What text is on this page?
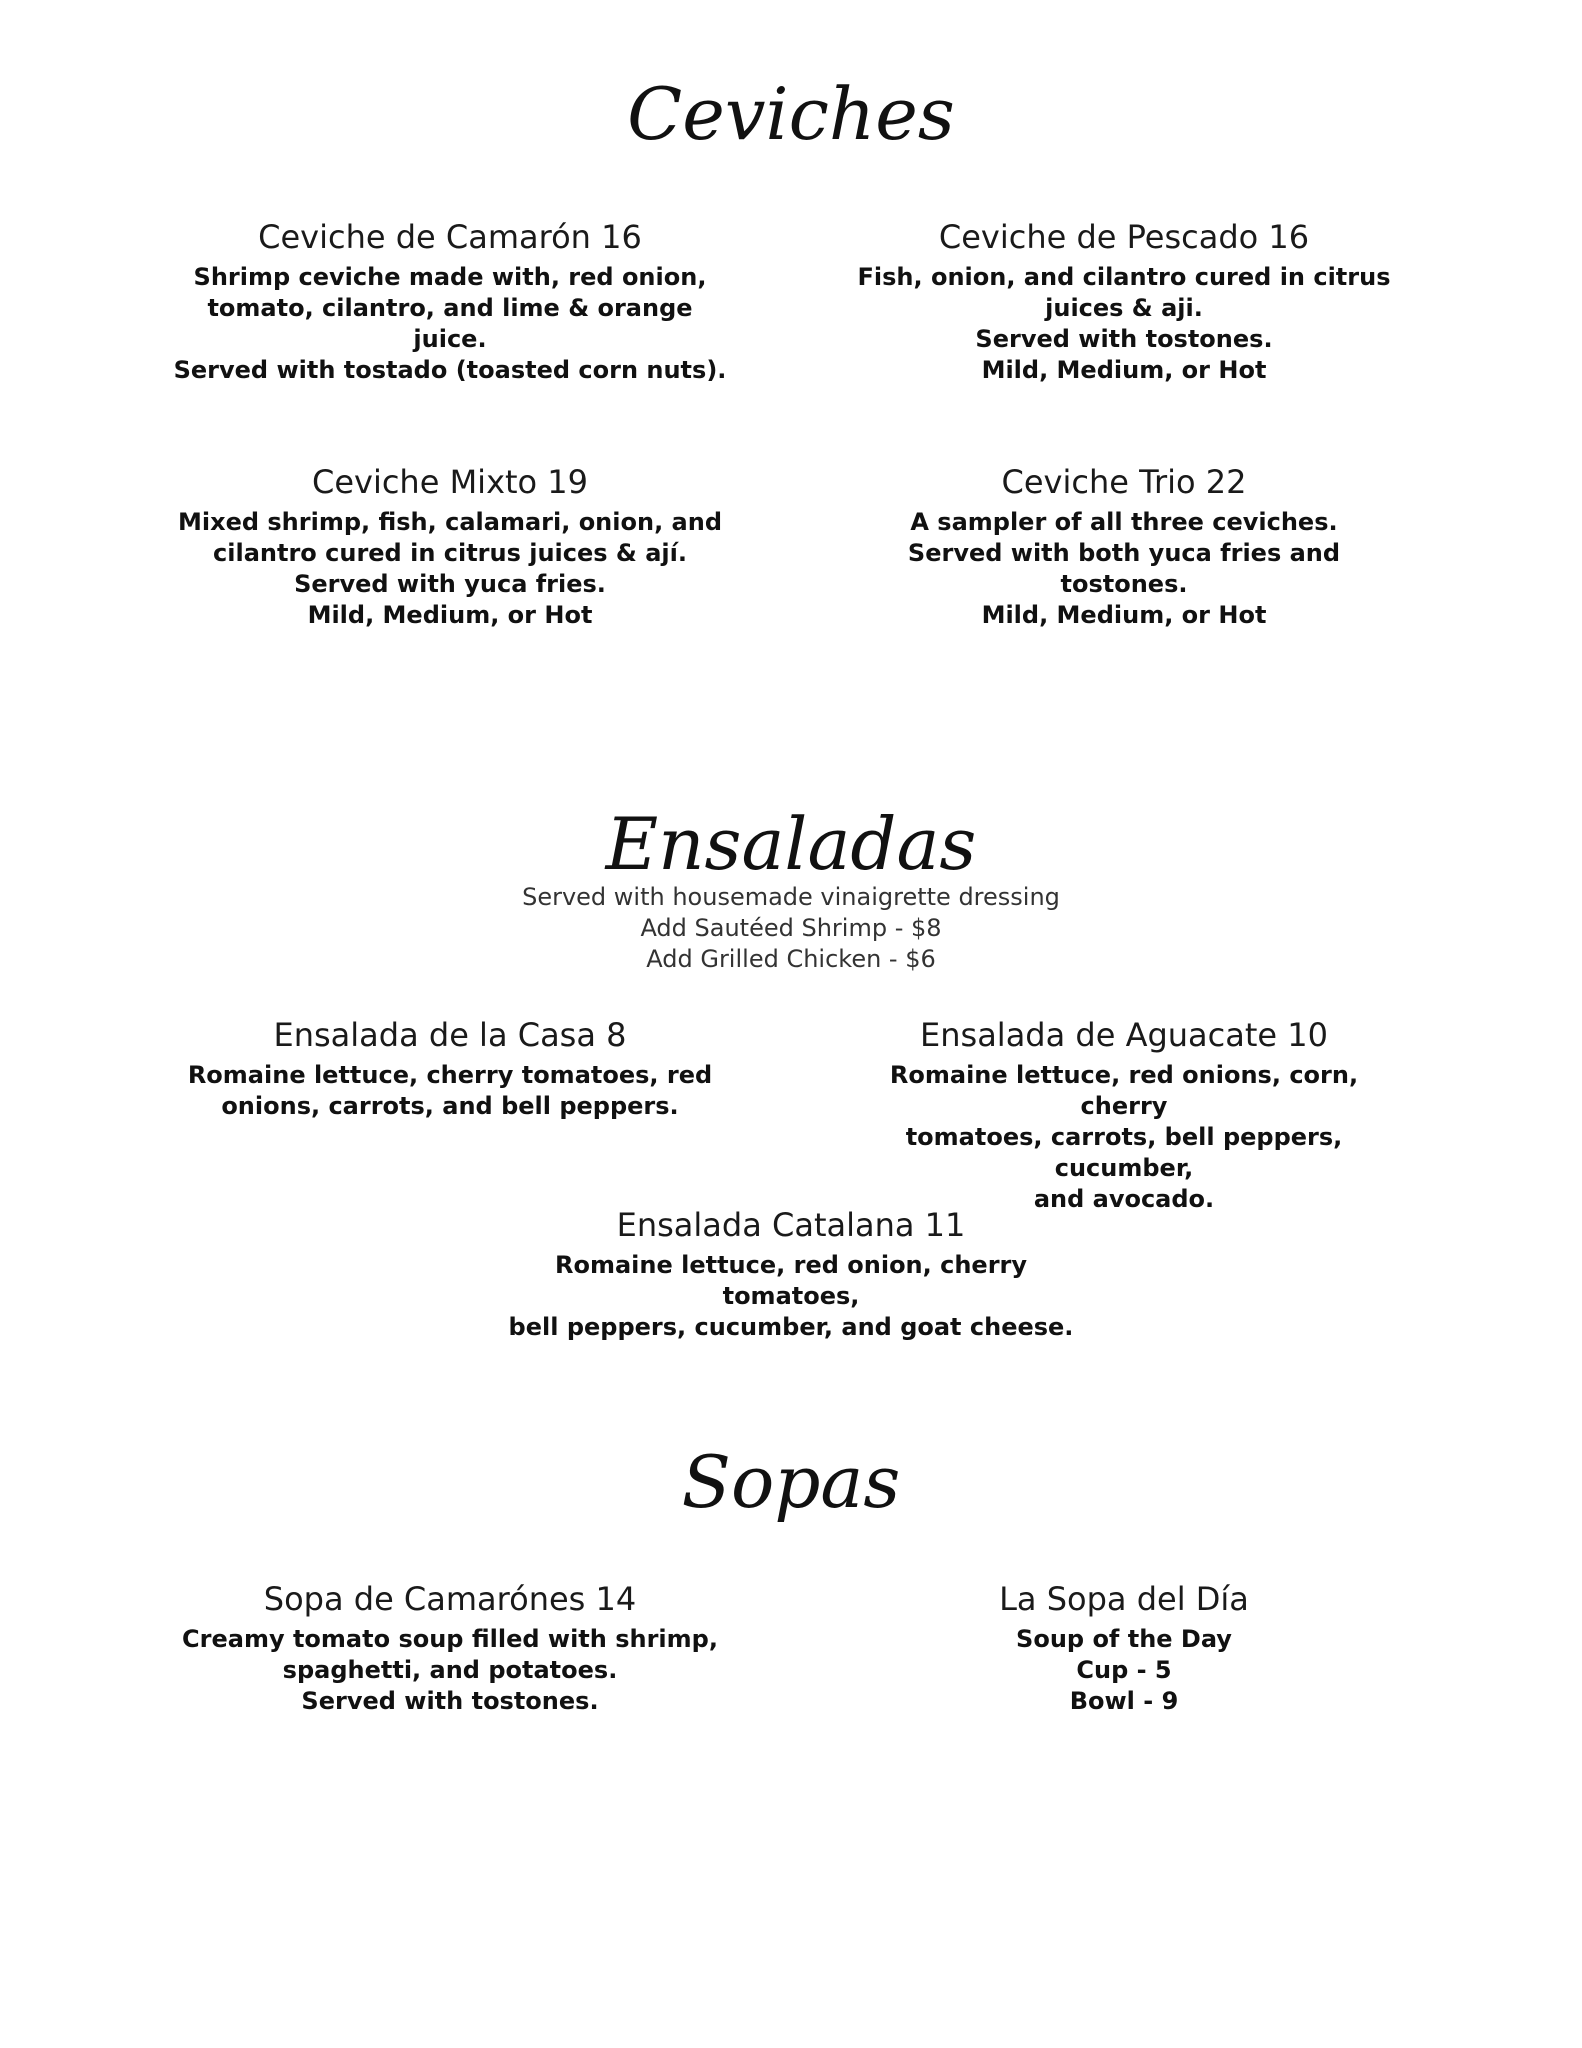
Ceviches
Ceviche de Camarón 16

Shrimp ceviche made with, red onion,

tomato, cilantro, and lime & orange juice.

Served with tostado (toasted corn nuts).

Ceviche de Pescado 16

Fish, onion, and cilantro cured in citrus

juices & aji.

Served with tostones.

Mild, Medium, or Hot

Ceviche Mixto 19

Mixed shrimp, fish, calamari, onion, and

cilantro cured in citrus juices & ají.

Served with yuca fries.

Mild, Medium, or Hot

Ceviche Trio 22

A sampler of all three ceviches.

Served with both yuca fries and tostones.

Mild, Medium, or Hot

Ensaladas

Served with housemade vinaigrette dressing

Add Sautéed Shrimp - $8

Add Grilled Chicken - $6

Ensalada de la Casa 8

Romaine lettuce, cherry tomatoes, red

onions, carrots, and bell peppers.

Ensalada de Aguacate 10

Romaine lettuce, red onions, corn, cherry

tomatoes, carrots, bell peppers, cucumber,

and avocado.

Ensalada Catalana 11

Romaine lettuce, red onion, cherry tomatoes,

bell peppers, cucumber, and goat cheese.

Sopas
Sopa de Camarónes 14

Creamy tomato soup filled with shrimp,

spaghetti, and potatoes.

Served with tostones.

La Sopa del Día

Soup of the Day

Cup - 5

Bowl - 9
